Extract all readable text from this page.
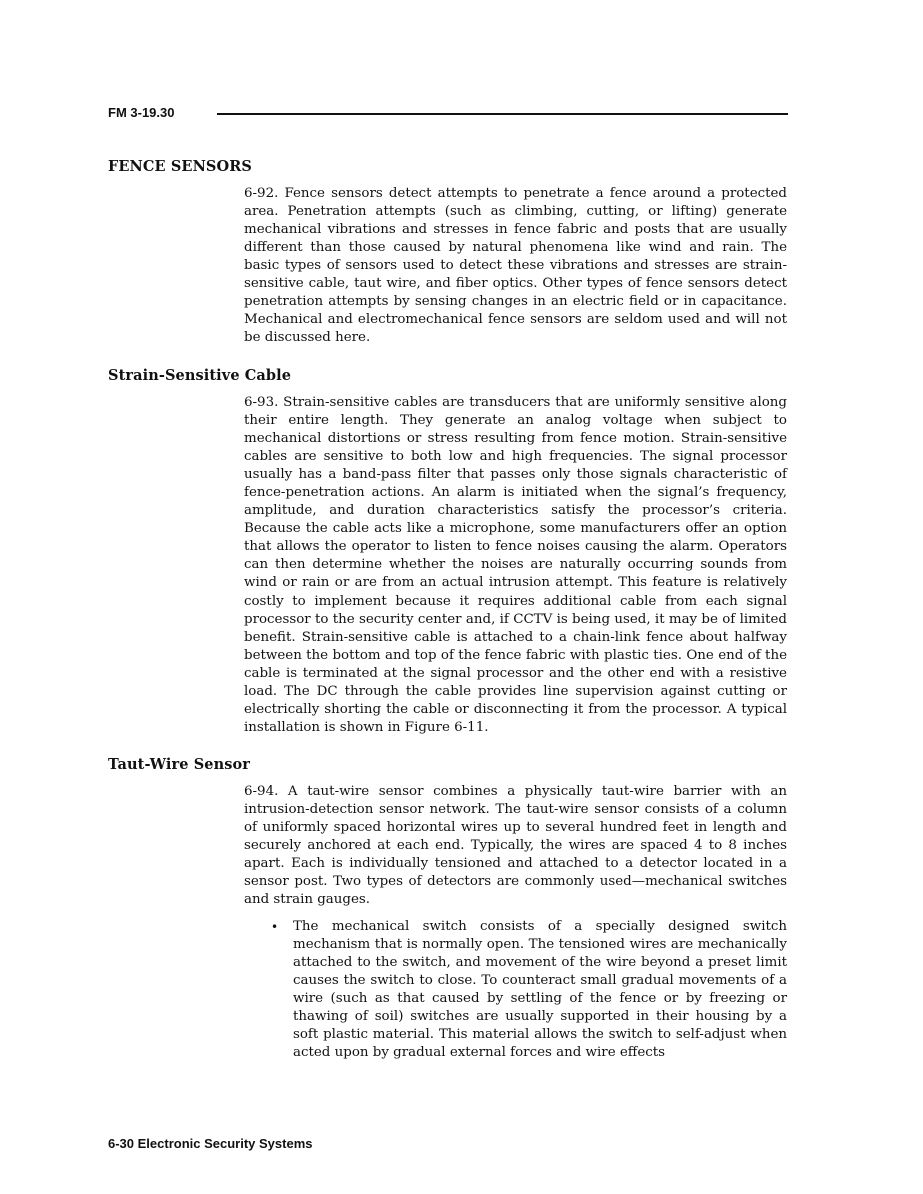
FM 3-19.30
FENCE SENSORS

6-92. Fence sensors detect attempts to penetrate a fence around a protected area. Penetration attempts (such as climbing, cutting, or lifting) generate mechanical vibrations and stresses in fence fabric and posts that are usually different than those caused by natural phenomena like wind and rain. The basic types of sensors used to detect these vibrations and stresses are strain-sensitive cable, taut wire, and fiber optics. Other types of fence sensors detect penetration attempts by sensing changes in an electric field or in capacitance. Mechanical and electromechanical fence sensors are seldom used and will not be discussed here.

Strain-Sensitive Cable

6-93. Strain-sensitive cables are transducers that are uniformly sensitive along their entire length. They generate an analog voltage when subject to mechanical distortions or stress resulting from fence motion. Strain-sensitive cables are sensitive to both low and high frequencies. The signal processor usually has a band-pass filter that passes only those signals characteristic of fence-penetration actions. An alarm is initiated when the signal’s frequency, amplitude, and duration characteristics satisfy the processor’s criteria. Because the cable acts like a microphone, some manufacturers offer an option that allows the operator to listen to fence noises causing the alarm. Operators can then determine whether the noises are naturally occurring sounds from wind or rain or are from an actual intrusion attempt. This feature is relatively costly to implement because it requires additional cable from each signal processor to the security center and, if CCTV is being used, it may be of limited benefit. Strain-sensitive cable is attached to a chain-link fence about halfway between the bottom and top of the fence fabric with plastic ties. One end of the cable is terminated at the signal processor and the other end with a resistive load. The DC through the cable provides line supervision against cutting or electrically shorting the cable or disconnecting it from the processor. A typical installation is shown in Figure 6-11.

Taut-Wire Sensor

6-94. A taut-wire sensor combines a physically taut-wire barrier with an intrusion-detection sensor network. The taut-wire sensor consists of a column of uniformly spaced horizontal wires up to several hundred feet in length and securely anchored at each end. Typically, the wires are spaced 4 to 8 inches apart. Each is individually tensioned and attached to a detector located in a sensor post. Two types of detectors are commonly used—mechanical switches and strain gauges.

• The mechanical switch consists of a specially designed switch mechanism that is normally open. The tensioned wires are mechanically attached to the switch, and movement of the wire beyond a preset limit causes the switch to close. To counteract small gradual movements of a wire (such as that caused by settling of the fence or by freezing or thawing of soil) switches are usually supported in their housing by a soft plastic material. This material allows the switch to self-adjust when acted upon by gradual external forces and wire effects

6-30 Electronic Security Systems
